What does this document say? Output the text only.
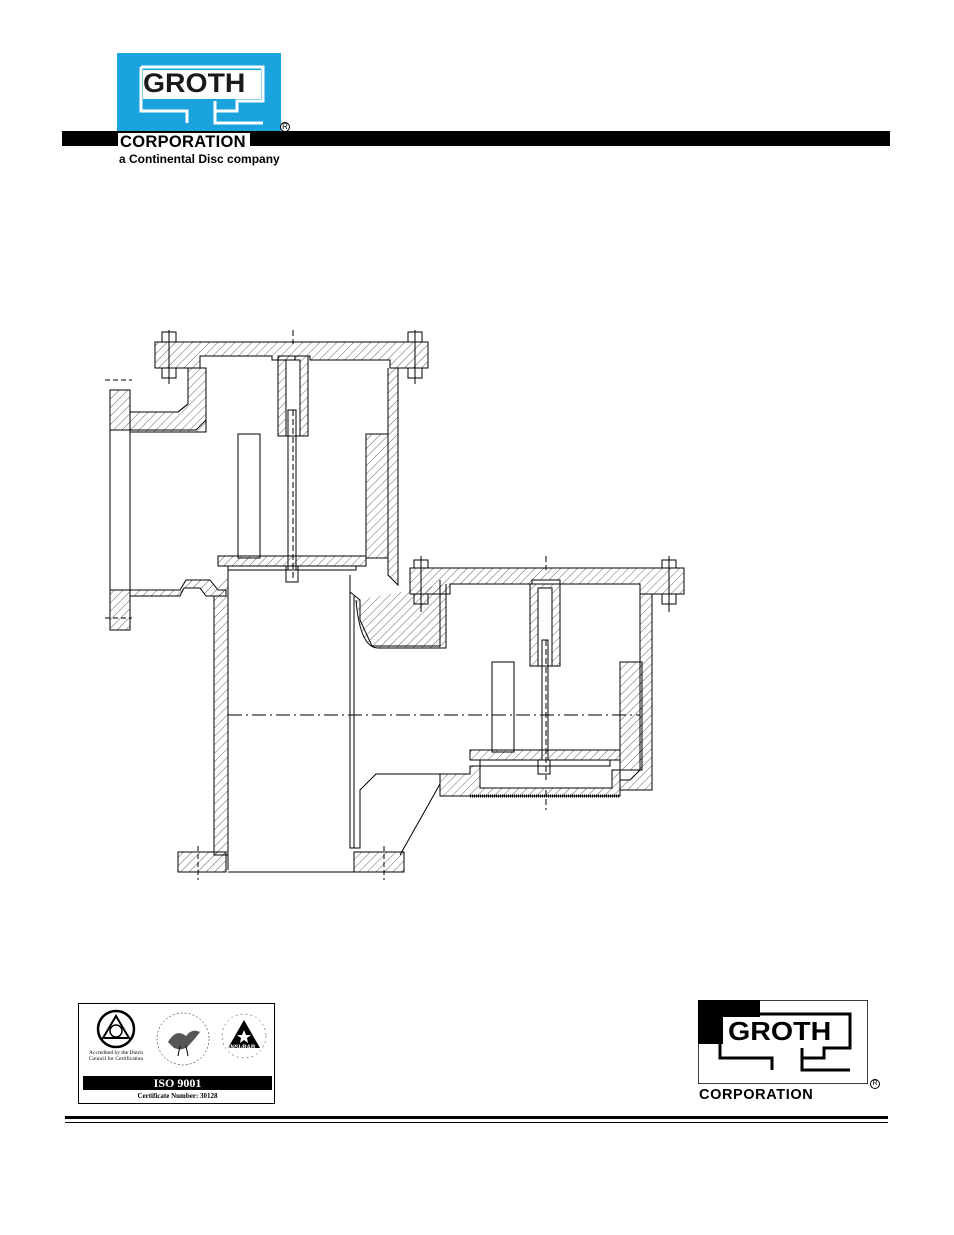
GROTH
CORPORATION
R
a Continental Disc company
Accredited by the Dutch Council for Certification
ANSI-RAB
ISO 9001
Certificate Number: 30128
GROTH
CORPORATION
R
